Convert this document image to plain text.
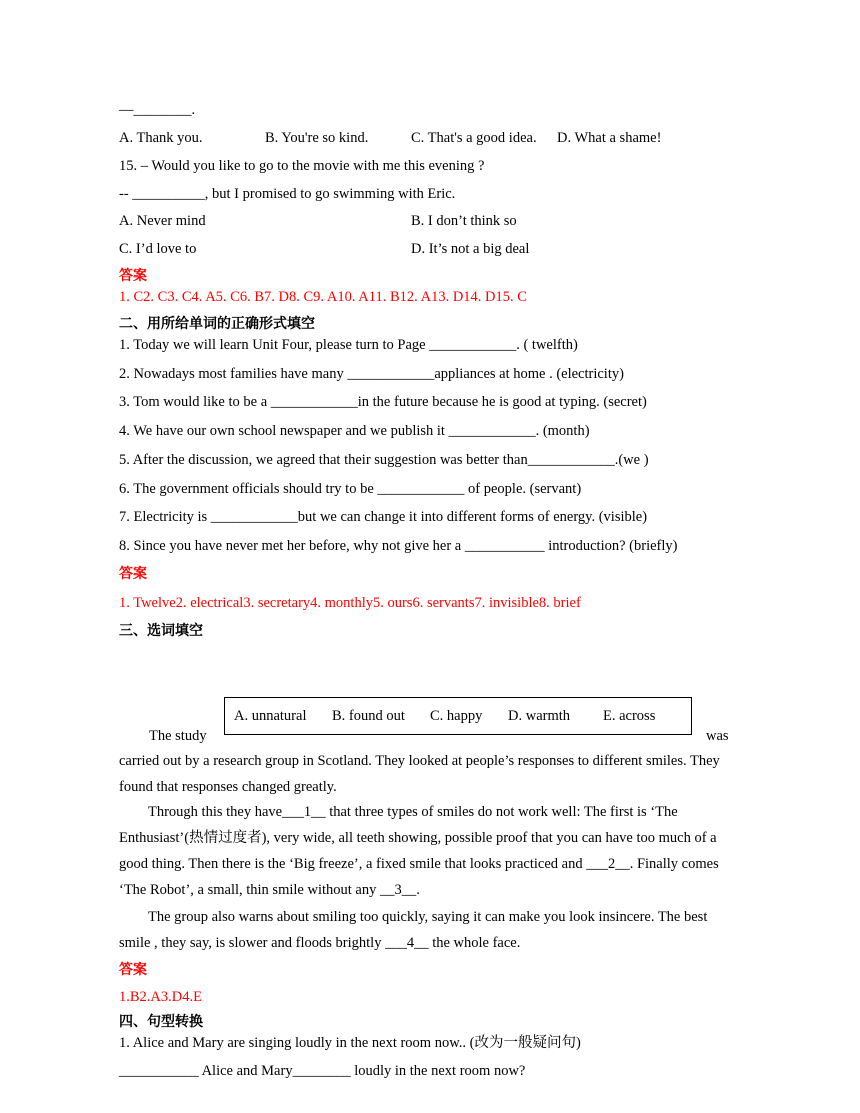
—________.
A. Thank you.	B. You're so kind.	C. That's a good idea. D. What a shame!
15. – Would you like to go to the movie with me this evening ?
-- __________, but I promised to go swimming with Eric.
A. Never mind	B. I don’t think so
C. I’d love to	D. It’s not a big deal
答案
1. C2. C3. C4. A5. C6. B7. D8. C9. A10. A11. B12. A13. D14. D15. C
二、用所给单词的正确形式填空
1. Today we will learn Unit Four, please turn to Page ____________. ( twelfth)
2. Nowadays most families have many ____________appliances at home . (electricity)
3. Tom would like to be a ____________in the future because he is good at typing. (secret)
4. We have our own school newspaper and we publish it ____________. (month)
5. After the discussion, we agreed that their suggestion was better than____________.(we )
6. The government officials should try to be ____________ of people. (servant)
7. Electricity is ____________but we can change it into different forms of energy. (visible)
8. Since you have never met her before, why not give her a ___________ introduction? (briefly)
答案
1. Twelve2. electrical3. secretary4. monthly5. ours6. servants7. invisible8. brief
三、选词填空
A. unnatural B. found out C. happy D. warmth E. across
The study	was
carried out by a research group in Scotland. They looked at people’s responses to different smiles. They found that responses changed greatly.
Through this they have___1__ that three types of smiles do not work well: The first is ‘The Enthusiast’(热情过度者), very wide, all teeth showing, possible proof that you can have too much of a good thing. Then there is the ‘Big freeze’, a fixed smile that looks practiced and ___2__. Finally comes ‘The Robot’, a small, thin smile without any __3__.
The group also warns about smiling too quickly, saying it can make you look insincere. The best smile , they say, is slower and floods brightly ___4__ the whole face.
答案
1.B2.A3.D4.E
四、句型转换
1. Alice and Mary are singing loudly in the next room now.. (改为一般疑问句)
___________ Alice and Mary________ loudly in the next room now?
